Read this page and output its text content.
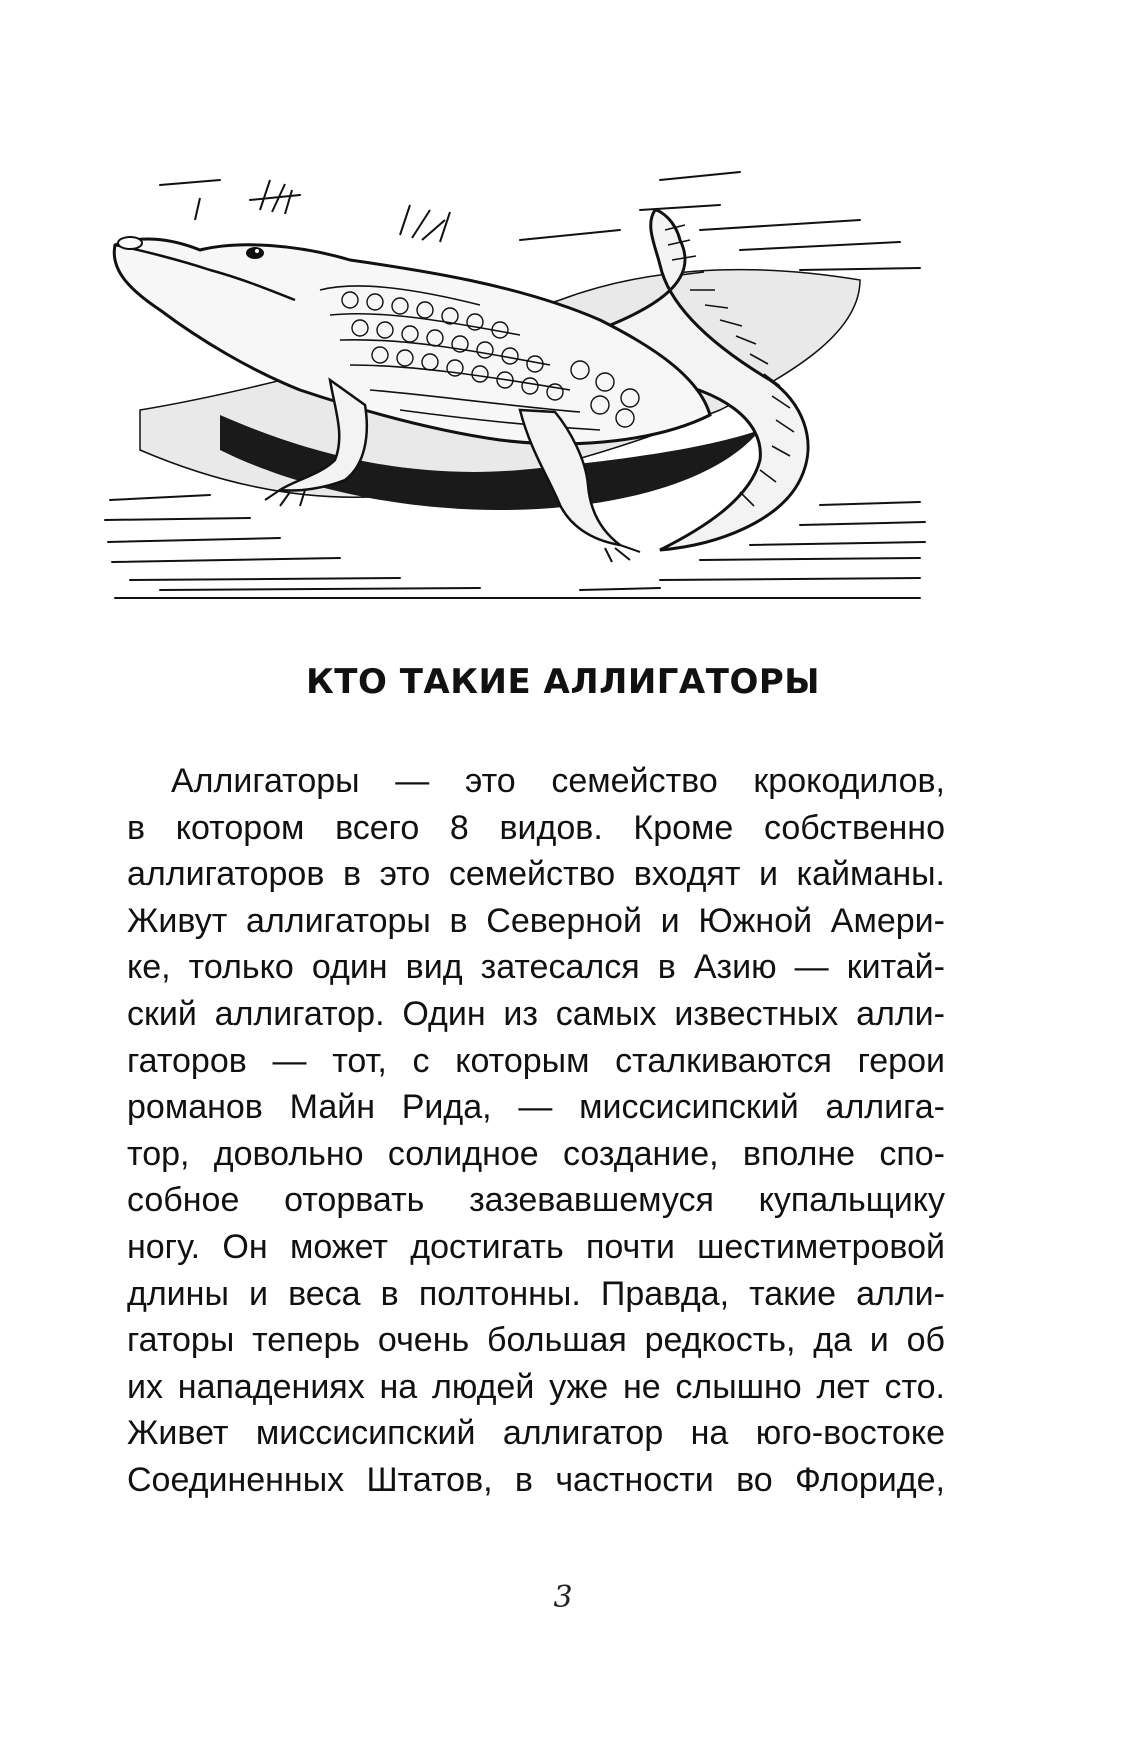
КТО ТАКИЕ АЛЛИГАТОРЫ
Аллигаторы — это семейство крокодилов,
в котором всего 8 видов. Кроме собственно
аллигаторов в это семейство входят и кайманы.
Живут аллигаторы в Северной и Южной Амери-
ке, только один вид затесался в Азию — китай-
ский аллигатор. Один из самых известных алли-
гаторов — тот, с которым сталкиваются герои
романов Майн Рида, — миссисипский аллига-
тор, довольно солидное создание, вполне спо-
собное оторвать зазевавшемуся купальщику
ногу. Он может достигать почти шестиметровой
длины и веса в полтонны. Правда, такие алли-
гаторы теперь очень большая редкость, да и об
их нападениях на людей уже не слышно лет сто.
Живет миссисипский аллигатор на юго-востоке
Соединенных Штатов, в частности во Флориде,
3
